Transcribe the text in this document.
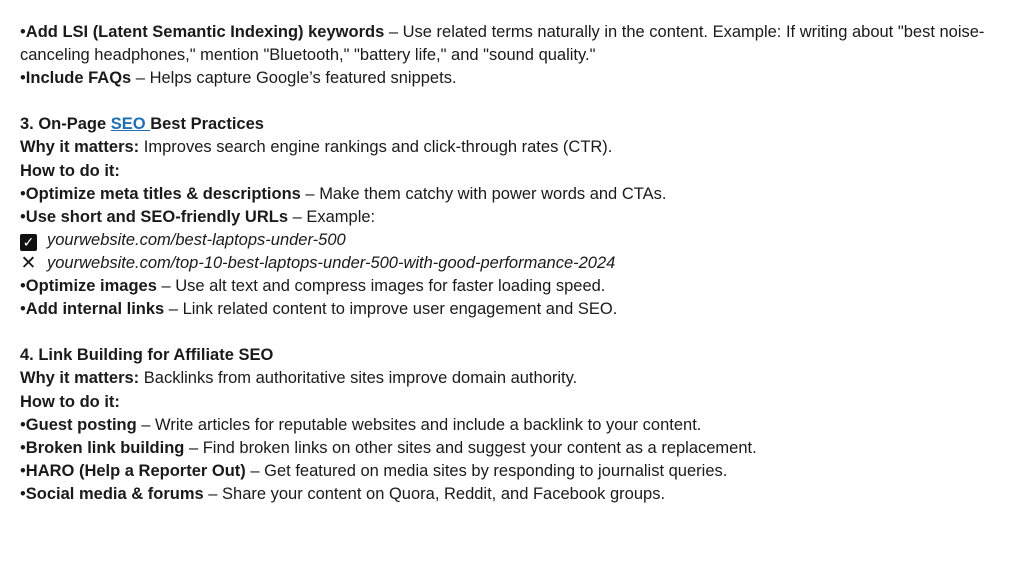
•Add LSI (Latent Semantic Indexing) keywords – Use related terms naturally in the content. Example: If writing about "best noise-canceling headphones," mention "Bluetooth," "battery life," and "sound quality."
•Include FAQs – Helps capture Google’s featured snippets.
3. On-Page SEO Best Practices
Why it matters: Improves search engine rankings and click-through rates (CTR).
How to do it:
•Optimize meta titles & descriptions – Make them catchy with power words and CTAs.
•Use short and SEO-friendly URLs – Example:
✓ yourwebsite.com/best-laptops-under-500
✕ yourwebsite.com/top-10-best-laptops-under-500-with-good-performance-2024
•Optimize images – Use alt text and compress images for faster loading speed.
•Add internal links – Link related content to improve user engagement and SEO.
4. Link Building for Affiliate SEO
Why it matters: Backlinks from authoritative sites improve domain authority.
How to do it:
•Guest posting – Write articles for reputable websites and include a backlink to your content.
•Broken link building – Find broken links on other sites and suggest your content as a replacement.
•HARO (Help a Reporter Out) – Get featured on media sites by responding to journalist queries.
•Social media & forums – Share your content on Quora, Reddit, and Facebook groups.
